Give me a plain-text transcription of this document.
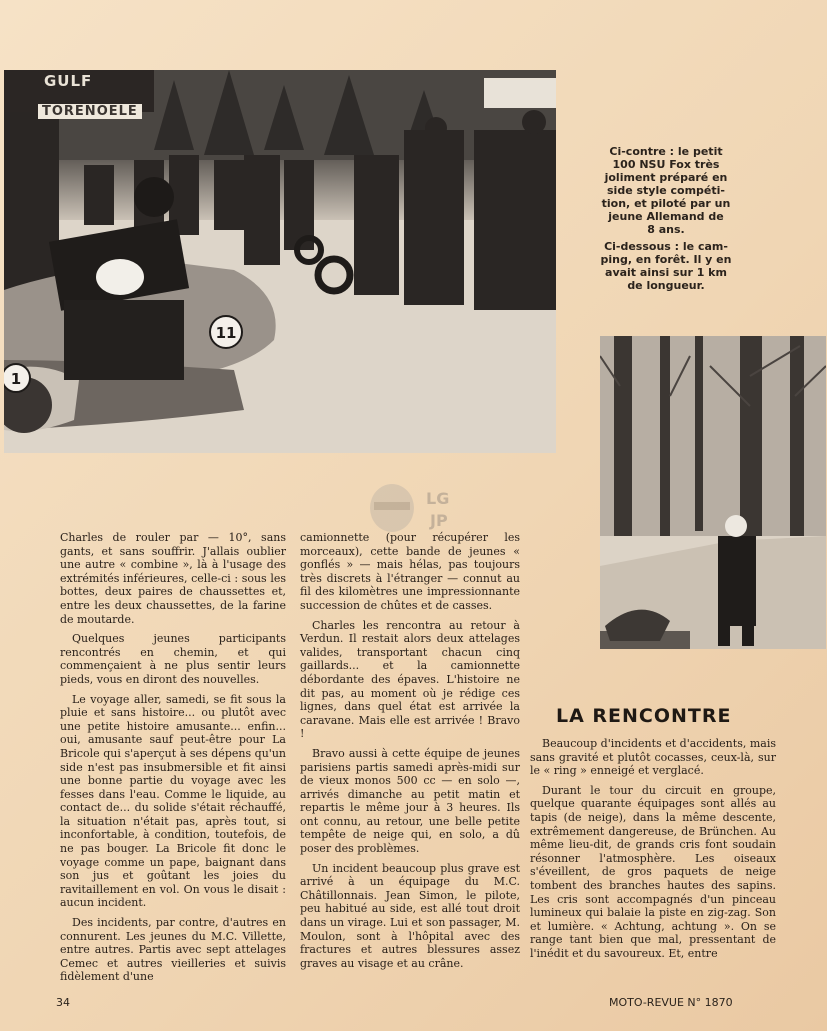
11
1
GULF
TORENOELE
Ci-contre : le petit
100 NSU Fox très
joliment préparé en
side style compéti-
tion, et piloté par un
jeune Allemand de
8 ans.
Ci-dessous : le cam-
ping, en forêt. Il y en
avait ainsi sur 1 km
de longueur.
LG
JP

Charles de rouler par — 10°, sans gants, et sans souffrir. J'allais oublier une autre « combine », là à l'usage des extrémités inférieures, celle-ci : sous les bottes, deux paires de chaussettes et, entre les deux chaussettes, de la farine de moutarde.

Quelques jeunes participants rencontrés en chemin, et qui commençaient à ne plus sentir leurs pieds, vous en diront des nouvelles.

Le voyage aller, samedi, se fit sous la pluie et sans histoire... ou plutôt avec une petite histoire amusante... enfin... oui, amusante sauf peut-être pour La Bricole qui s'aperçut à ses dépens qu'un side n'est pas insubmersible et fit ainsi une bonne partie du voyage avec les fesses dans l'eau. Comme le liquide, au contact de... du solide s'était réchauffé, la situation n'était pas, après tout, si inconfortable, à condition, toutefois, de ne pas bouger. La Bricole fit donc le voyage comme un pape, baignant dans son jus et goûtant les joies du ravitaillement en vol. On vous le disait : aucun incident.

Des incidents, par contre, d'autres en connurent. Les jeunes du M.C. Villette, entre autres. Partis avec sept attelages Cemec et autres vieilleries et suivis fidèlement d'une

camionnette (pour récupérer les morceaux), cette bande de jeunes « gonflés » — mais hélas, pas toujours très discrets à l'étranger — connut au fil des kilomètres une impressionnante succession de chûtes et de casses.

Charles les rencontra au retour à Verdun. Il restait alors deux attelages valides, transportant chacun cinq gaillards... et la camionnette débordante des épaves. L'histoire ne dit pas, au moment où je rédige ces lignes, dans quel état est arrivée la caravane. Mais elle est arrivée ! Bravo !

Bravo aussi à cette équipe de jeunes parisiens partis samedi après-midi sur de vieux monos 500 cc — en solo —, arrivés dimanche au petit matin et repartis le même jour à 3 heures. Ils ont connu, au retour, une belle petite tempête de neige qui, en solo, a dû poser des problèmes.

Un incident beaucoup plus grave est arrivé à un équipage du M.C. Châtillonnais. Jean Simon, le pilote, peu habitué au side, est allé tout droit dans un virage. Lui et son passager, M. Moulon, sont à l'hôpital avec des fractures et autres blessures assez graves au visage et au crâne.

LA RENCONTRE

Beaucoup d'incidents et d'accidents, mais sans gravité et plutôt cocasses, ceux-là, sur le « ring » enneigé et verglacé.

Durant le tour du circuit en groupe, quelque quarante équipages sont allés au tapis (de neige), dans la même descente, extrêmement dangereuse, de Brünchen. Au même lieu-dit, de grands cris font soudain résonner l'atmosphère. Les oiseaux s'éveillent, de gros paquets de neige tombent des branches hautes des sapins. Les cris sont accompagnés d'un pinceau lumineux qui balaie la piste en zig-zag. Son et lumière. « Achtung, achtung ». On se range tant bien que mal, pressentant de l'inédit et du savoureux. Et, entre

34	MOTO-REVUE N° 1870
